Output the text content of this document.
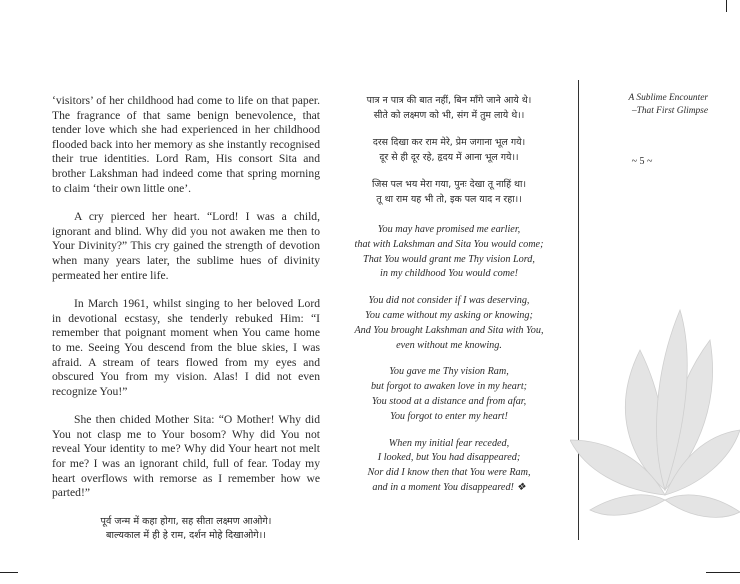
‘visitors’ of her childhood had come to life on that paper. The fragrance of that same benign benevolence, that tender love which she had experienced in her childhood flooded back into her memory as she instantly recognised their true identities. Lord Ram, His consort Sita and brother Lakshman had indeed come that spring morning to claim ‘their own little one’.

A cry pierced her heart. “Lord! I was a child, ignorant and blind. Why did you not awaken me then to Your Divinity?” This cry gained the strength of devotion when many years later, the sublime hues of divinity permeated her entire life.

In March 1961, whilst singing to her beloved Lord in devotional ecstasy, she tenderly rebuked Him: “I remember that poignant moment when You came home to me. Seeing You descend from the blue skies, I was afraid. A stream of tears flowed from my eyes and obscured You from my vision. Alas! I did not even recognize You!”

She then chided Mother Sita: “O Mother! Why did You not clasp me to Your bosom? Why did You not reveal Your identity to me? Why did Your heart not melt for me? I was an ignorant child, full of fear. Today my heart overflows with remorse as I remember how we parted!”

पूर्व जन्म में कहा होगा, सह सीता लक्ष्मण आओगे।
बाल्यकाल में ही हे राम, दर्शन मोहे दिखाओगे।।
पात्र न पात्र की बात नहीं, बिन माँगे जाने आये थे।
सीते को लक्ष्मण को भी, संग में तुम लाये थे।।
दरस दिखा कर राम मेरे, प्रेम जगाना भूल गये।
दूर से ही दूर रहे, हृदय में आना भूल गये।।
जिस पल भय मेरा गया, पुनः देखा तू नाहिं था।
तू था राम यह भी तो, इक पल याद न रहा।।
You may have promised me earlier,
that with Lakshman and Sita You would come;
That You would grant me Thy vision Lord,
in my childhood You would come!
You did not consider if I was deserving,
You came without my asking or knowing;
And You brought Lakshman and Sita with You,
even without me knowing.
You gave me Thy vision Ram,
but forgot to awaken love in my heart;
You stood at a distance and from afar,
You forgot to enter my heart!
When my initial fear receded,
I looked, but You had disappeared;
Nor did I know then that You were Ram,
and in a moment You disappeared! ❖
A Sublime Encounter
–That First Glimpse
~ 5 ~
